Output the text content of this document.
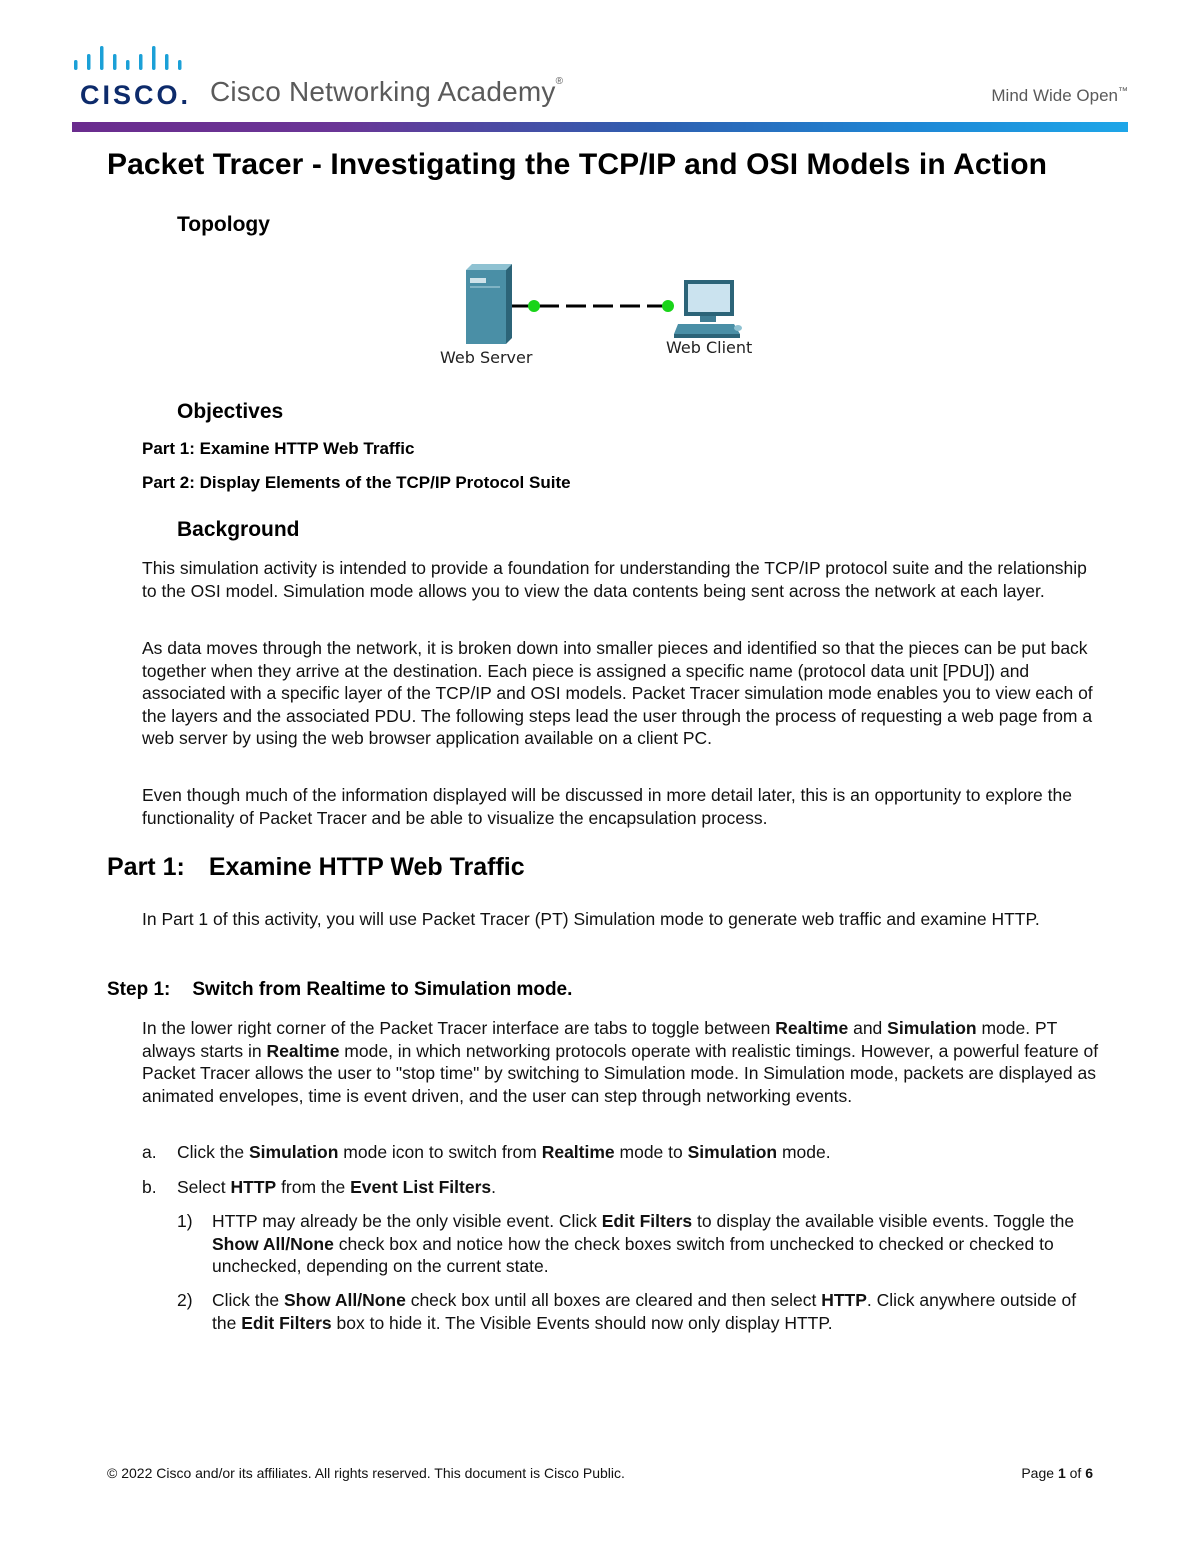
CISCO. Cisco Networking Academy®
Mind Wide Open™
Packet Tracer - Investigating the TCP/IP and OSI Models in Action
Topology
Web Server
Web Client
Objectives
Part 1: Examine HTTP Web Traffic
Part 2: Display Elements of the TCP/IP Protocol Suite
Background
This simulation activity is intended to provide a foundation for understanding the TCP/IP protocol suite and the relationship to the OSI model. Simulation mode allows you to view the data contents being sent across the network at each layer.
As data moves through the network, it is broken down into smaller pieces and identified so that the pieces can be put back together when they arrive at the destination. Each piece is assigned a specific name (protocol data unit [PDU]) and associated with a specific layer of the TCP/IP and OSI models. Packet Tracer simulation mode enables you to view each of the layers and the associated PDU. The following steps lead the user through the process of requesting a web page from a web server by using the web browser application available on a client PC.
Even though much of the information displayed will be discussed in more detail later, this is an opportunity to explore the functionality of Packet Tracer and be able to visualize the encapsulation process.
Part 1: Examine HTTP Web Traffic
In Part 1 of this activity, you will use Packet Tracer (PT) Simulation mode to generate web traffic and examine HTTP.
Step 1: Switch from Realtime to Simulation mode.
In the lower right corner of the Packet Tracer interface are tabs to toggle between Realtime and Simulation mode. PT always starts in Realtime mode, in which networking protocols operate with realistic timings. However, a powerful feature of Packet Tracer allows the user to "stop time" by switching to Simulation mode. In Simulation mode, packets are displayed as animated envelopes, time is event driven, and the user can step through networking events.
a. Click the Simulation mode icon to switch from Realtime mode to Simulation mode.
b. Select HTTP from the Event List Filters.
1) HTTP may already be the only visible event. Click Edit Filters to display the available visible events. Toggle the Show All/None check box and notice how the check boxes switch from unchecked to checked or checked to unchecked, depending on the current state.
2) Click the Show All/None check box until all boxes are cleared and then select HTTP. Click anywhere outside of the Edit Filters box to hide it. The Visible Events should now only display HTTP.
© 2022 Cisco and/or its affiliates. All rights reserved. This document is Cisco Public.	Page 1 of 6
